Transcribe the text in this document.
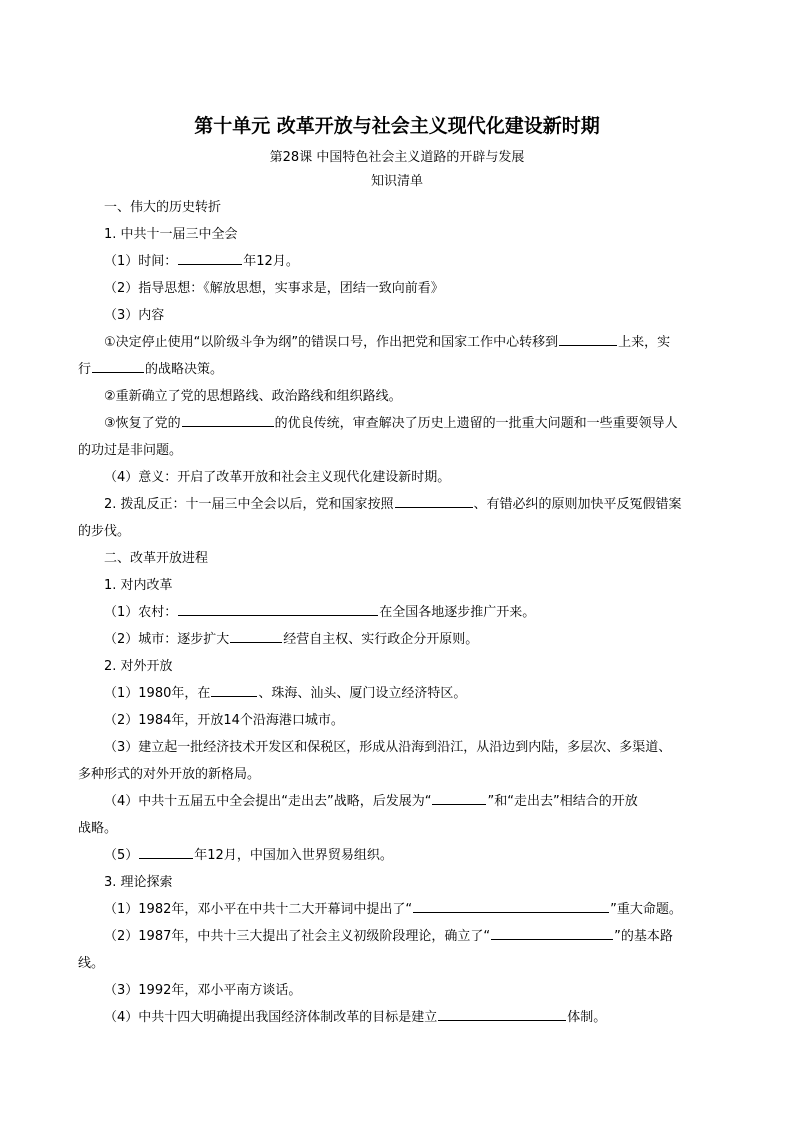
第十单元 改革开放与社会主义现代化建设新时期
第28课 中国特色社会主义道路的开辟与发展
知识清单

一、伟大的历史转折

1. 中共十一届三中全会

（1）时间：	年12月。

（2）指导思想：《解放思想，实事求是，团结一致向前看》

（3）内容

①决定停止使用“以阶级斗争为纲”的错误口号，作出把党和国家工作中心转移到	上来，实

行	的战略决策。

②重新确立了党的思想路线、政治路线和组织路线。

③恢复了党的	的优良传统，审查解决了历史上遗留的一批重大问题和一些重要领导人

的功过是非问题。

（4）意义：开启了改革开放和社会主义现代化建设新时期。

2. 拨乱反正：十一届三中全会以后，党和国家按照	、有错必纠的原则加快平反冤假错案

的步伐。

二、改革开放进程

1. 对内改革

（1）农村：	在全国各地逐步推广开来。

（2）城市：逐步扩大	经营自主权、实行政企分开原则。

2. 对外开放

（1）1980年，在	、珠海、汕头、厦门设立经济特区。

（2）1984年，开放14个沿海港口城市。

（3）建立起一批经济技术开发区和保税区，形成从沿海到沿江，从沿边到内陆，多层次、多渠道、

多种形式的对外开放的新格局。

（4）中共十五届五中全会提出“走出去”战略，后发展为“	”和“走出去”相结合的开放

战略。

（5）	年12月，中国加入世界贸易组织。

3. 理论探索

（1）1982年，邓小平在中共十二大开幕词中提出了“	”重大命题。

（2）1987年，中共十三大提出了社会主义初级阶段理论，确立了“	”的基本路

线。

（3）1992年，邓小平南方谈话。

（4）中共十四大明确提出我国经济体制改革的目标是建立	体制。
